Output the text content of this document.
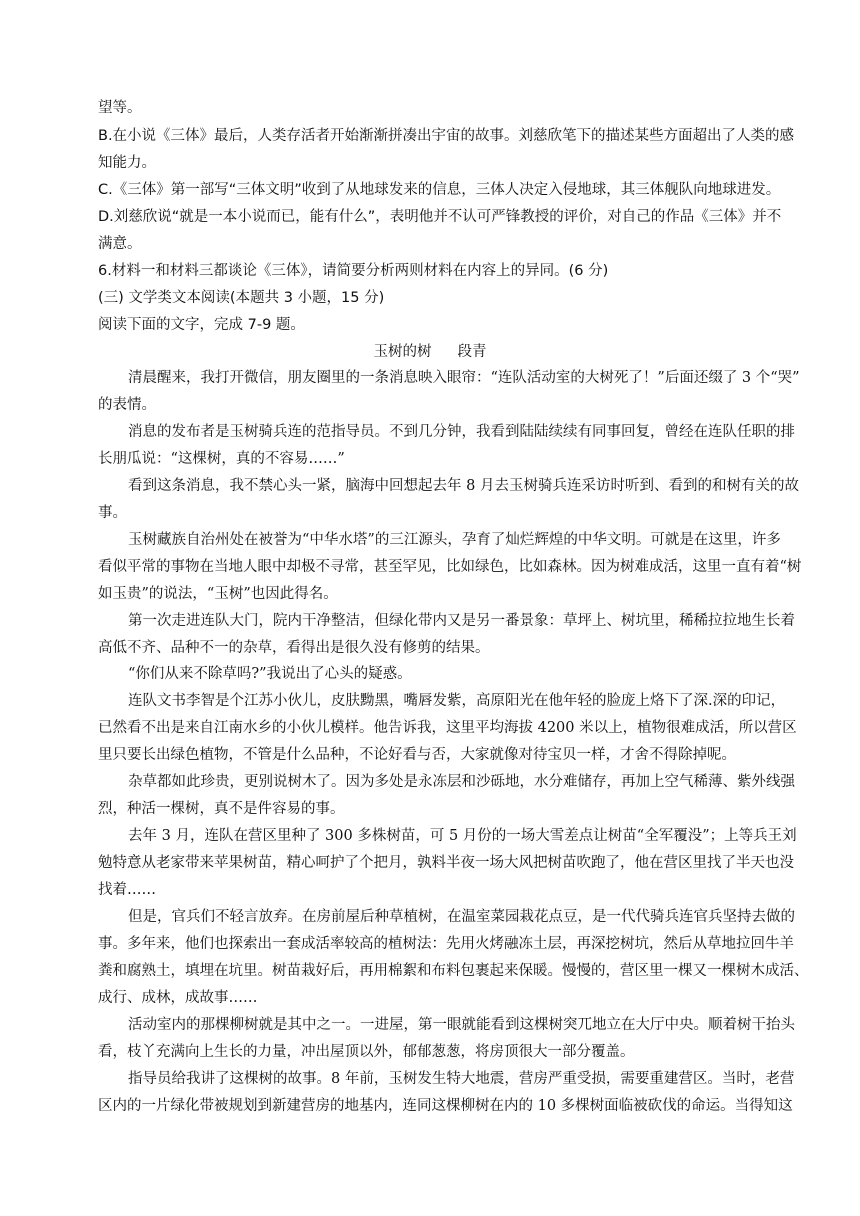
望等。
B.在小说《三体》最后，人类存活者开始渐渐拼凑出宇宙的故事。刘慈欣笔下的描述某些方面超出了人类的感
知能力。
C.《三体》第一部写“三体文明”收到了从地球发来的信息，三体人决定入侵地球，其三体舰队向地球进发。
D.刘慈欣说“就是一本小说而已，能有什么”，表明他并不认可严锋教授的评价，对自己的作品《三体》并不
满意。
6.材料一和材料三都谈论《三体》，请简要分析两则材料在内容上的异同。(6 分)
(三) 文学类文本阅读(本题共 3 小题，15 分)
阅读下面的文字，完成 7-9 题。
玉树的树 段青
清晨醒来，我打开微信，朋友圈里的一条消息映入眼帘：“连队活动室的大树死了！”后面还缀了 3 个“哭”
的表情。
消息的发布者是玉树骑兵连的范指导员。不到几分钟，我看到陆陆续续有同事回复，曾经在连队任职的排
长朋瓜说：“这棵树，真的不容易……”
看到这条消息，我不禁心头一紧，脑海中回想起去年 8 月去玉树骑兵连采访时听到、看到的和树有关的故
事。
玉树藏族自治州处在被誉为“中华水塔”的三江源头，孕育了灿烂辉煌的中华文明。可就是在这里，许多
看似平常的事物在当地人眼中却极不寻常，甚至罕见，比如绿色，比如森林。因为树难成活，这里一直有着“树
如玉贵”的说法，“玉树”也因此得名。
第一次走进连队大门，院内干净整洁，但绿化带内又是另一番景象：草坪上、树坑里，稀稀拉拉地生长着
高低不齐、品种不一的杂草，看得出是很久没有修剪的结果。
“你们从来不除草吗?”我说出了心头的疑惑。
连队文书李智是个江苏小伙儿，皮肤黝黑，嘴唇发紫，高原阳光在他年轻的脸庞上烙下了深.深的印记，
已然看不出是来自江南水乡的小伙儿模样。他告诉我，这里平均海拔 4200 米以上，植物很难成活，所以营区
里只要长出绿色植物，不管是什么品种，不论好看与否，大家就像对待宝贝一样，才舍不得除掉呢。
杂草都如此珍贵，更别说树木了。因为多处是永冻层和沙砾地，水分难储存，再加上空气稀薄、紫外线强
烈，种活一棵树，真不是件容易的事。
去年 3 月，连队在营区里种了 300 多株树苗，可 5 月份的一场大雪差点让树苗“全军覆没”；上等兵王刘
勉特意从老家带来苹果树苗，精心呵护了个把月，孰料半夜一场大风把树苗吹跑了，他在营区里找了半天也没
找着……
但是，官兵们不轻言放弃。在房前屋后种草植树，在温室菜园栽花点豆，是一代代骑兵连官兵坚持去做的
事。多年来，他们也探索出一套成活率较高的植树法：先用火烤融冻土层，再深挖树坑，然后从草地拉回牛羊
粪和腐熟土，填埋在坑里。树苗栽好后，再用棉絮和布料包裹起来保暖。慢慢的，营区里一棵又一棵树木成活、
成行、成林，成故事……
活动室内的那棵柳树就是其中之一。一进屋，第一眼就能看到这棵树突兀地立在大厅中央。顺着树干抬头
看，枝丫充满向上生长的力量，冲出屋顶以外，郁郁葱葱，将房顶很大一部分覆盖。
指导员给我讲了这棵树的故事。8 年前，玉树发生特大地震，营房严重受损，需要重建营区。当时，老营
区内的一片绿化带被规划到新建营房的地基内，连同这棵柳树在内的 10 多棵树面临被砍伐的命运。当得知这
